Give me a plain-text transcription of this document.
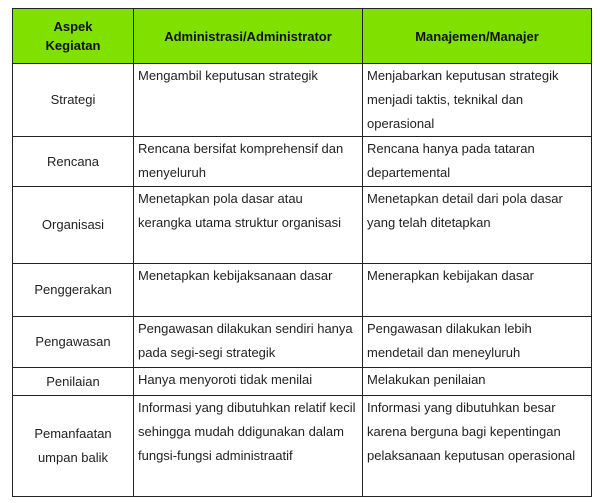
Aspek Kegiatan	Administrasi/Administrator	Manajemen/Manajer
Strategi	Mengambil keputusan strategik	Menjabarkan keputusan strategik menjadi taktis, teknikal dan operasional
Rencana	Rencana bersifat komprehensif dan menyeluruh	Rencana hanya pada tataran departemental
Organisasi	Menetapkan pola dasar atau kerangka utama struktur organisasi	Menetapkan detail dari pola dasar yang telah ditetapkan
Penggerakan	Menetapkan kebijaksanaan dasar	Menerapkan kebijakan dasar
Pengawasan	Pengawasan dilakukan sendiri hanya pada segi-segi strategik	Pengawasan dilakukan lebih mendetail dan meneyluruh
Penilaian	Hanya menyoroti tidak menilai	Melakukan penilaian
Pemanfaatan umpan balik	Informasi yang dibutuhkan relatif kecil sehingga mudah ddigunakan dalam fungsi-fungsi administraatif	Informasi yang dibutuhkan besar karena berguna bagi kepentingan pelaksanaan keputusan operasional
